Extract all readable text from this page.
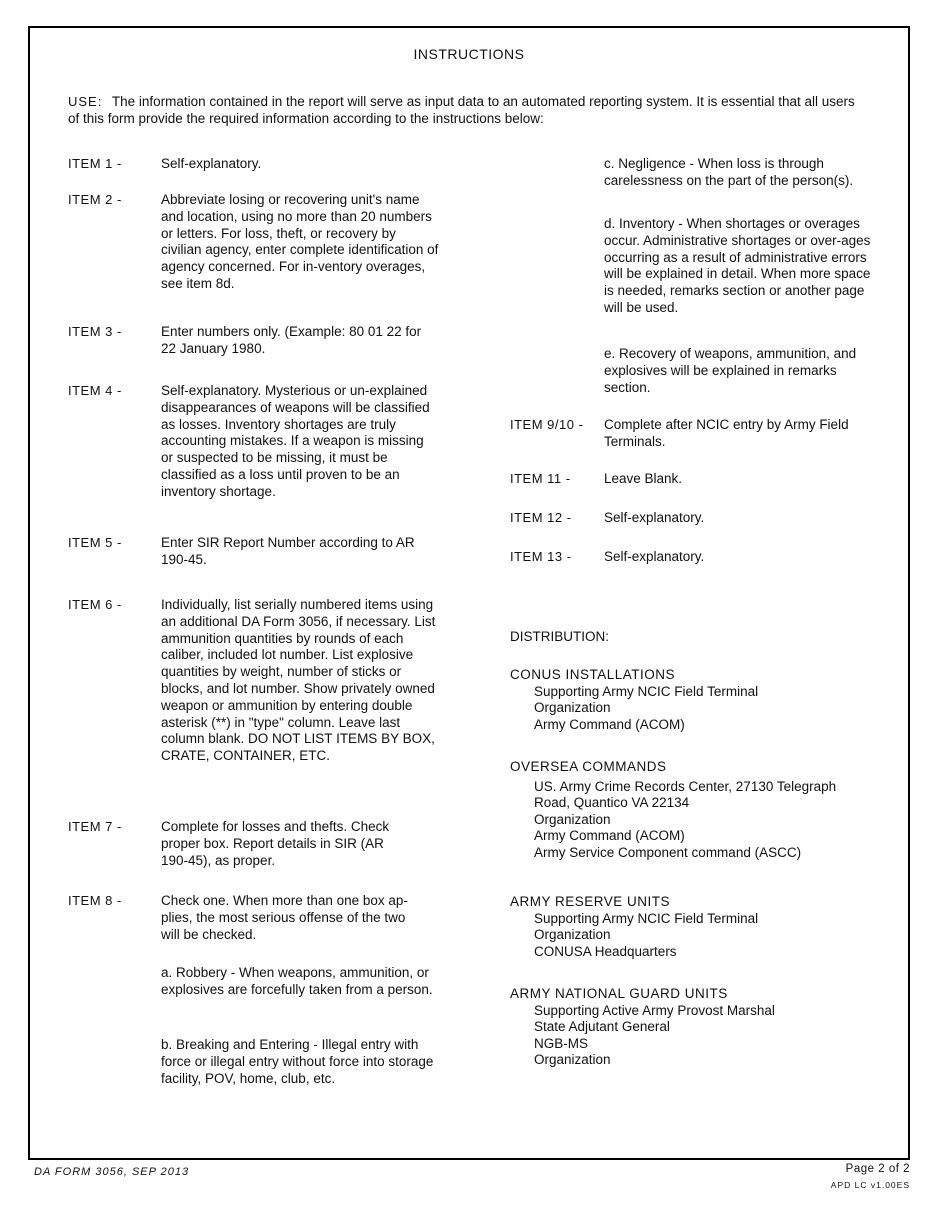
INSTRUCTIONS
USE: The information contained in the report will serve as input data to an automated reporting system. It is essential that all users of this form provide the required information according to the instructions below:
ITEM 1 -	Self-explanatory.
ITEM 2 -	Abbreviate losing or recovering unit's name and location, using no more than 20 numbers or letters. For loss, theft, or recovery by civilian agency, enter complete identification of agency concerned. For in-ventory overages, see item 8d.
ITEM 3 -	Enter numbers only. (Example: 80 01 22 for 22 January 1980.
ITEM 4 -	Self-explanatory. Mysterious or un-explained disappearances of weapons will be classified as losses. Inventory shortages are truly accounting mistakes. If a weapon is missing or suspected to be missing, it must be classified as a loss until proven to be an inventory shortage.
ITEM 5 -	Enter SIR Report Number according to AR 190-45.
ITEM 6 -	Individually, list serially numbered items using an additional DA Form 3056, if necessary. List ammunition quantities by rounds of each caliber, included lot number. List explosive quantities by weight, number of sticks or blocks, and lot number. Show privately owned weapon or ammunition by entering double asterisk (**) in "type" column. Leave last column blank. DO NOT LIST ITEMS BY BOX, CRATE, CONTAINER, ETC.
ITEM 7 -	Complete for losses and thefts. Check proper box. Report details in SIR (AR 190-45), as proper.
ITEM 8 -	Check one. When more than one box ap-plies, the most serious offense of the two will be checked.
a. Robbery - When weapons, ammunition, or explosives are forcefully taken from a person.
b. Breaking and Entering - Illegal entry with force or illegal entry without force into storage facility, POV, home, club, etc.
c. Negligence - When loss is through carelessness on the part of the person(s).
d. Inventory - When shortages or overages occur. Administrative shortages or over-ages occurring as a result of administrative errors will be explained in detail. When more space is needed, remarks section or another page will be used.
e. Recovery of weapons, ammunition, and explosives will be explained in remarks section.
ITEM 9/10 - Complete after NCIC entry by Army Field Terminals.
ITEM 11 - Leave Blank.
ITEM 12 - Self-explanatory.
ITEM 13 - Self-explanatory.
DISTRIBUTION:
CONUS INSTALLATIONS
Supporting Army NCIC Field Terminal
Organization
Army Command (ACOM)
OVERSEA COMMANDS
US. Army Crime Records Center, 27130 Telegraph
Road, Quantico VA 22134
Organization
Army Command (ACOM)
Army Service Component command (ASCC)
ARMY RESERVE UNITS
Supporting Army NCIC Field Terminal
Organization
CONUSA Headquarters
ARMY NATIONAL GUARD UNITS
Supporting Active Army Provost Marshal
State Adjutant General
NGB-MS
Organization
DA FORM 3056, SEP 2013	Page 2 of 2
APD LC v1.00ES
